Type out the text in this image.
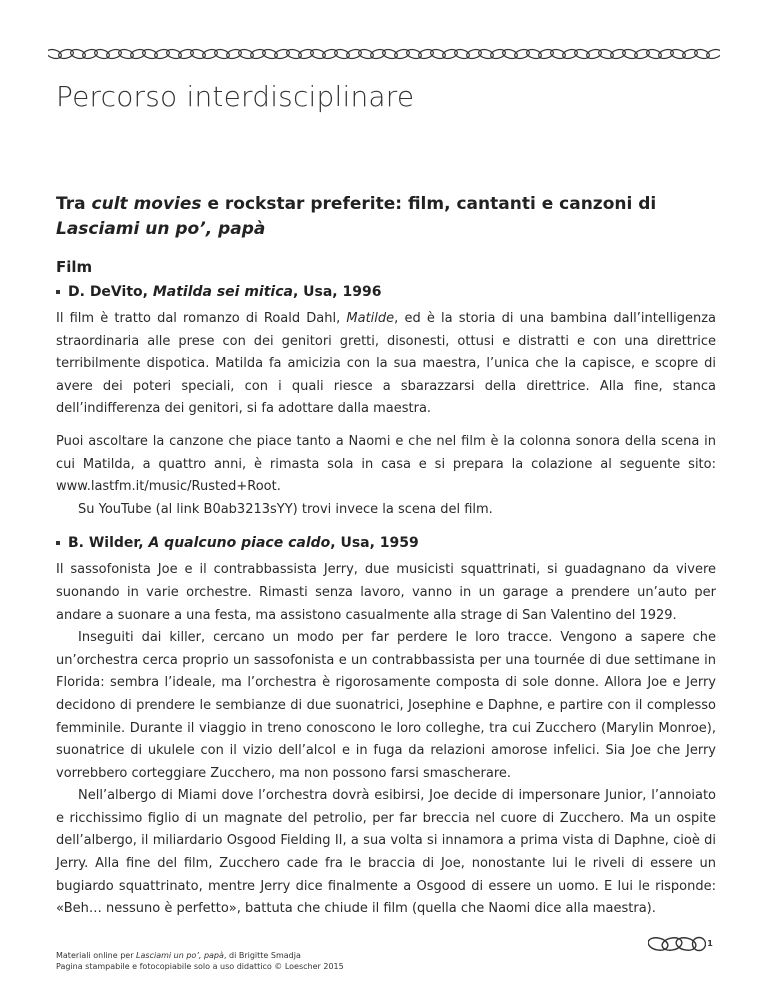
Percorso interdisciplinare
Tra cult movies e rockstar preferite: film, cantanti e canzoni di Lasciami un po’, papà
Film
D. DeVito,
Matilda sei mitica , Usa, 1996

Il film è tratto dal romanzo di Roald Dahl, Matilde, ed è la storia di una bambina dall’intelligenza straordinaria alle prese con dei genitori gretti, disonesti, ottusi e distratti e con una direttrice terribilmente dispotica. Matilda fa amicizia con la sua maestra, l’unica che la capisce, e scopre di avere dei poteri speciali, con i quali riesce a sbarazzarsi della direttrice. Alla fine, stanca dell’indifferenza dei genitori, si fa adottare dalla maestra.

Puoi ascoltare la canzone che piace tanto a Naomi e che nel film è la colonna sonora della scena in cui Matilda, a quattro anni, è rimasta sola in casa e si prepara la colazione al seguente sito: www.lastfm.it/music/Rusted+Root.

Su YouTube (al link B0ab3213sYY) trovi invece la scena del film.

B. Wilder,
A qualcuno piace caldo , Usa, 1959

Il sassofonista Joe e il contrabbassista Jerry, due musicisti squattrinati, si guadagnano da vivere suonando in varie orchestre. Rimasti senza lavoro, vanno in un garage a prendere un’auto per andare a suonare a una festa, ma assistono casualmente alla strage di San Valentino del 1929.

Inseguiti dai killer, cercano un modo per far perdere le loro tracce. Vengono a sapere che un’orchestra cerca proprio un sassofonista e un contrabbassista per una tournée di due settimane in Florida: sembra l’ideale, ma l’orchestra è rigorosamente composta di sole donne. Allora Joe e Jerry decidono di prendere le sembianze di due suonatrici, Josephine e Daphne, e partire con il complesso femminile. Durante il viaggio in treno conoscono le loro colleghe, tra cui Zucchero (Marylin Monroe), suonatrice di ukulele con il vizio dell’alcol e in fuga da relazioni amorose infelici. Sia Joe che Jerry vorrebbero corteggiare Zucchero, ma non possono farsi smascherare.

Nell’albergo di Miami dove l’orchestra dovrà esibirsi, Joe decide di impersonare Junior, l’annoiato e ricchissimo figlio di un magnate del petrolio, per far breccia nel cuore di Zucchero. Ma un ospite dell’albergo, il miliardario Osgood Fielding II, a sua volta si innamora a prima vista di Daphne, cioè di Jerry. Alla fine del film, Zucchero cade fra le braccia di Joe, nonostante lui le riveli di essere un bugiardo squattrinato, mentre Jerry dice finalmente a Osgood di essere un uomo. E lui le risponde: «Beh… nessuno è perfetto», battuta che chiude il film (quella che Naomi dice alla maestra).

Materiali online per Lasciami un po’, papà, di Brigitte Smadja
Pagina stampabile e fotocopiabile solo a uso didattico © Loescher 2015
1
